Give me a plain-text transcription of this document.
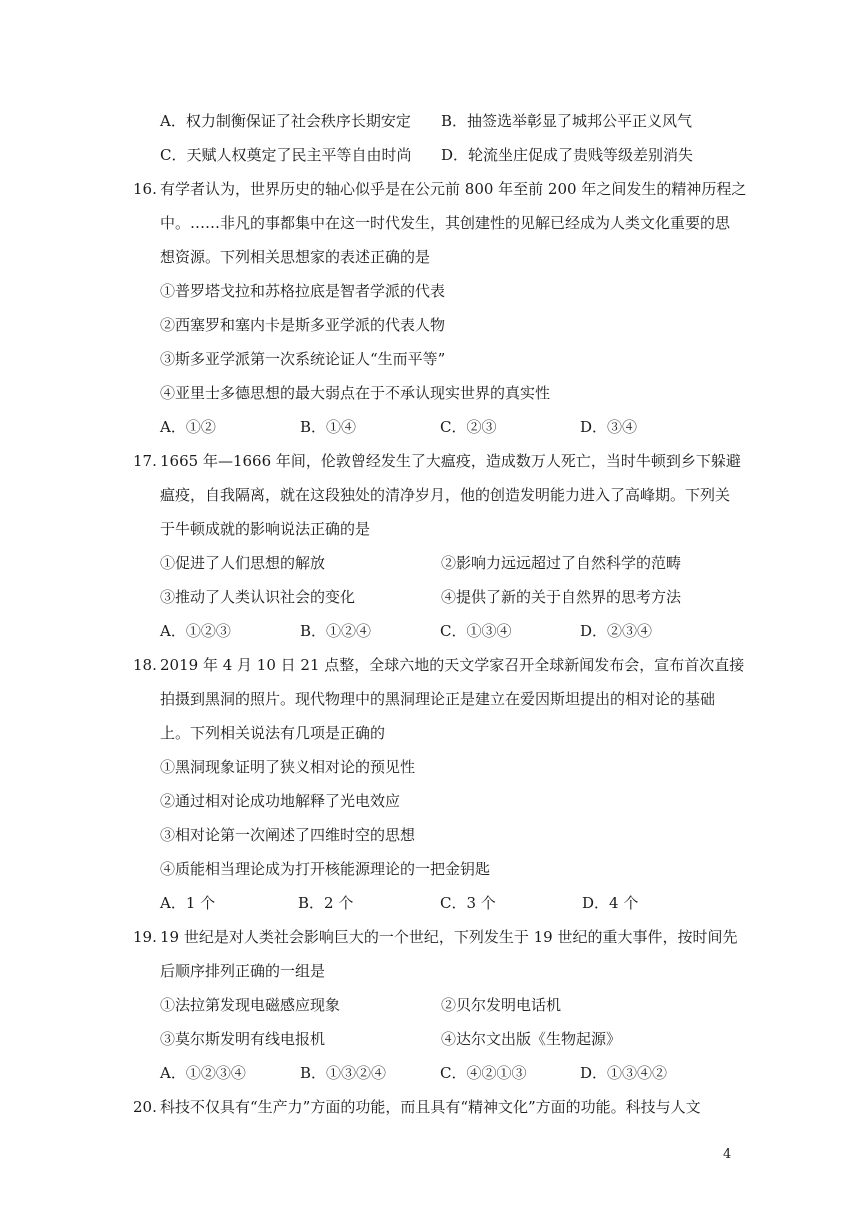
A．权力制衡保证了社会秩序长期安定 B．抽签选举彰显了城邦公平正义风气
C．天赋人权奠定了民主平等自由时尚 D．轮流坐庄促成了贵贱等级差别消失
16. 有学者认为，世界历史的轴心似乎是在公元前 800 年至前 200 年之间发生的精神历程之
中。……非凡的事都集中在这一时代发生，其创建性的见解已经成为人类文化重要的思
想资源。下列相关思想家的表述正确的是
①普罗塔戈拉和苏格拉底是智者学派的代表
②西塞罗和塞内卡是斯多亚学派的代表人物
③斯多亚学派第一次系统论证人“生而平等”
④亚里士多德思想的最大弱点在于不承认现实世界的真实性
A．①②	B．①④	C．②③	D．③④
17. 1665 年—1666 年间，伦敦曾经发生了大瘟疫，造成数万人死亡，当时牛顿到乡下躲避
瘟疫，自我隔离，就在这段独处的清净岁月，他的创造发明能力进入了高峰期。下列关
于牛顿成就的影响说法正确的是
①促进了人们思想的解放	②影响力远远超过了自然科学的范畴
③推动了人类认识社会的变化	④提供了新的关于自然界的思考方法
A．①②③	B．①②④	C．①③④	D．②③④
18. 2019 年 4 月 10 日 21 点整，全球六地的天文学家召开全球新闻发布会，宣布首次直接
拍摄到黑洞的照片。现代物理中的黑洞理论正是建立在爱因斯坦提出的相对论的基础
上。下列相关说法有几项是正确的
①黑洞现象证明了狭义相对论的预见性
②通过相对论成功地解释了光电效应
③相对论第一次阐述了四维时空的思想
④质能相当理论成为打开核能源理论的一把金钥匙
A．1 个	B．2 个	C．3 个	D．4 个
19. 19 世纪是对人类社会影响巨大的一个世纪，下列发生于 19 世纪的重大事件，按时间先
后顺序排列正确的一组是
①法拉第发现电磁感应现象	②贝尔发明电话机
③莫尔斯发明有线电报机	④达尔文出版《生物起源》
A．①②③④	B．①③②④	C．④②①③	D．①③④②
20. 科技不仅具有“生产力”方面的功能，而且具有“精神文化”方面的功能。科技与人文
4
